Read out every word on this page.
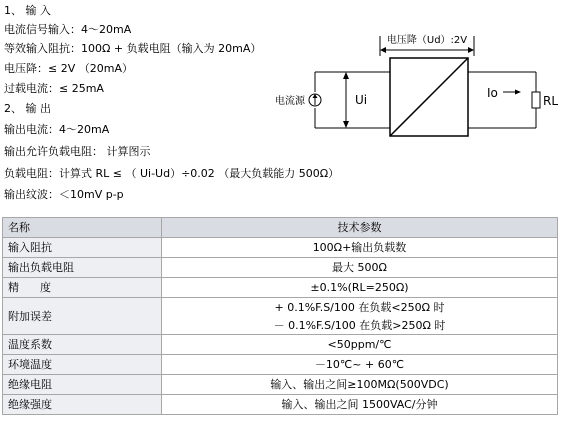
1、 输 入
电流信号输入：4～20mA
等效输入阻抗：100Ω + 负载电阻（输入为 20mA）
电压降：≤ 2V （20mA）
过载电流：≤ 25mA
2、 输 出
输出电流：4～20mA
输出允许负载电阻： 计算图示
负载电阻：计算式 RL ≤ （ Ui-Ud）÷0.02 （最大负载能力 500Ω）
输出纹波：＜10mV p-p
电压降（Ud）:2V
电流源	Ui	Io
RL
名称	技术参数
输入阻抗	100Ω+输出负载数
输出负载电阻	最大 500Ω
精      度	±0.1%(RL=250Ω)
附加误差	+ 0.1%F.S/100 在负载<250Ω 时
－ 0.1%F.S/100 在负载>250Ω 时

温度系数	<50ppm/℃
环境温度	－10℃~ + 60℃
绝缘电阻	输入、输出之间≥100MΩ(500VDC)
绝缘强度	输入、输出之间 1500VAC/分钟
